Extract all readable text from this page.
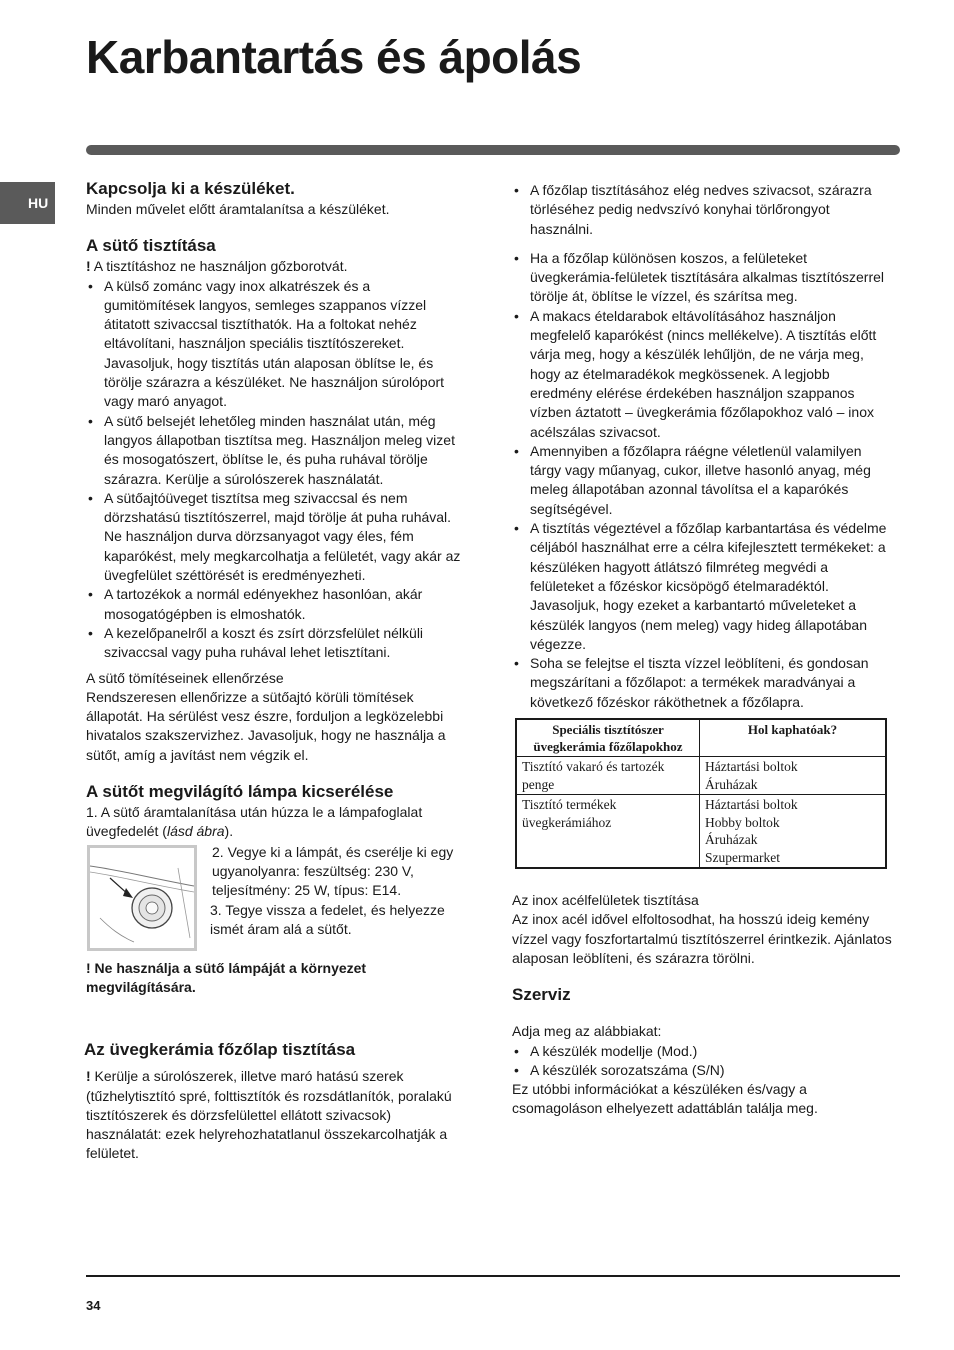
Karbantartás és ápolás
HU
Kapcsolja ki a készüléket.

Minden művelet előtt áramtalanítsa a készüléket.

A sütő tisztítása

! A tisztításhoz ne használjon gőzborotvát.

• A külső zománc vagy inox alkatrészek és a gumitömítések langyos, semleges szappanos vízzel átitatott szivaccsal tisztíthatók. Ha a foltokat nehéz eltávolítani, használjon speciális tisztítószereket. Javasoljuk, hogy tisztítás után alaposan öblítse le, és törölje szárazra a készüléket. Ne használjon súrolóport vagy maró anyagot.
• A sütő belsejét lehetőleg minden használat után, még langyos állapotban tisztítsa meg. Használjon meleg vizet és mosogatószert, öblítse le, és puha ruhával törölje szárazra. Kerülje a súrolószerek használatát.
• A sütőajtóüveget tisztítsa meg szivaccsal és nem dörzshatású tisztítószerrel, majd törölje át puha ruhával. Ne használjon durva dörzsanyagot vagy éles, fém kaparókést, mely megkarcolhatja a felületét, vagy akár az üvegfelület széttörését is eredményezheti.
• A tartozékok a normál edényekhez hasonlóan, akár mosogatógépben is elmoshatók.
• A kezelőpanelről a koszt és zsírt dörzsfelület nélküli szivaccsal vagy puha ruhával lehet letisztítani.

A sütő tömítéseinek ellenőrzése

Rendszeresen ellenőrizze a sütőajtó körüli tömítések állapotát. Ha sérülést vesz észre, forduljon a legközelebbi hivatalos szakszervizhez. Javasoljuk, hogy ne használja a sütőt, amíg a javítást nem végzik el.

A sütőt megvilágító lámpa kicserélése

1. A sütő áramtalanítása után húzza le a lámpafoglalat üvegfedelét (lásd ábra).

2. Vegye ki a lámpát, és cserélje ki egy ugyanolyanra: feszültség: 230 V, teljesítmény: 25 W, típus: E14.

3. Tegye vissza a fedelet, és helyezze ismét áram alá a sütőt.

! Ne használja a sütő lámpáját a környezet megvilágítására.

Az üvegkerámia főzőlap tisztítása

! Kerülje a súrolószerek, illetve maró hatású szerek (tűzhelytisztító spré, folttisztítók és rozsdátlanítók, poralakú tisztítószerek és dörzsfelülettel ellátott szivacsok) használatát: ezek helyrehozhatatlanul összekarcolhatják a felületet.

• A főzőlap tisztításához elég nedves szivacsot, szárazra törléséhez pedig nedvszívó konyhai törlőrongyot használni.
• Ha a főzőlap különösen koszos, a felületeket üvegkerámia-felületek tisztítására alkalmas tisztítószerrel törölje át, öblítse le vízzel, és szárítsa meg.
• A makacs ételdarabok eltávolításához használjon megfelelő kaparókést (nincs mellékelve). A tisztítás előtt várja meg, hogy a készülék lehűljön, de ne várja meg, hogy az ételmaradékok megkössenek. A legjobb eredmény elérése érdekében használjon szappanos vízben áztatott – üvegkerámia főzőlapokhoz való – inox acélszálas szivacsot.
• Amennyiben a főzőlapra ráégne véletlenül valamilyen tárgy vagy műanyag, cukor, illetve hasonló anyag, még meleg állapotában azonnal távolítsa el a kaparókés segítségével.
• A tisztítás végeztével a főzőlap karbantartása és védelme céljából használhat erre a célra kifejlesztett termékeket: a készüléken hagyott átlátszó filmréteg megvédi a felületeket a főzéskor kicsöpögő ételmaradéktól. Javasoljuk, hogy ezeket a karbantartó műveleteket a készülék langyos (nem meleg) vagy hideg állapotában végezze.
• Soha se felejtse el tiszta vízzel leöblíteni, és gondosan megszárítani a főzőlapot: a termékek maradványai a következő főzéskor ráköthetnek a főzőlapra.
Speciális tisztítószer üvegkerámia főzőlapokhoz	Hol kaphatóak?
Tisztító vakaró és tartozék penge	Háztartási boltok
Áruházak

Tisztító termékek üvegkerámiához	Háztartási boltok
Hobby boltok
Áruházak
Szupermarket

Az inox acélfelületek tisztítása

Az inox acél idővel elfoltosodhat, ha hosszú ideig kemény vízzel vagy foszfortartalmú tisztítószerrel érintkezik. Ajánlatos alaposan leöblíteni, és szárazra törölni.

Szerviz

Adja meg az alábbiakat:

• A készülék modellje (Mod.)
• A készülék sorozatszáma (S/N)

Ez utóbbi információkat a készüléken és/vagy a csomagoláson elhelyezett adattáblán találja meg.

34
